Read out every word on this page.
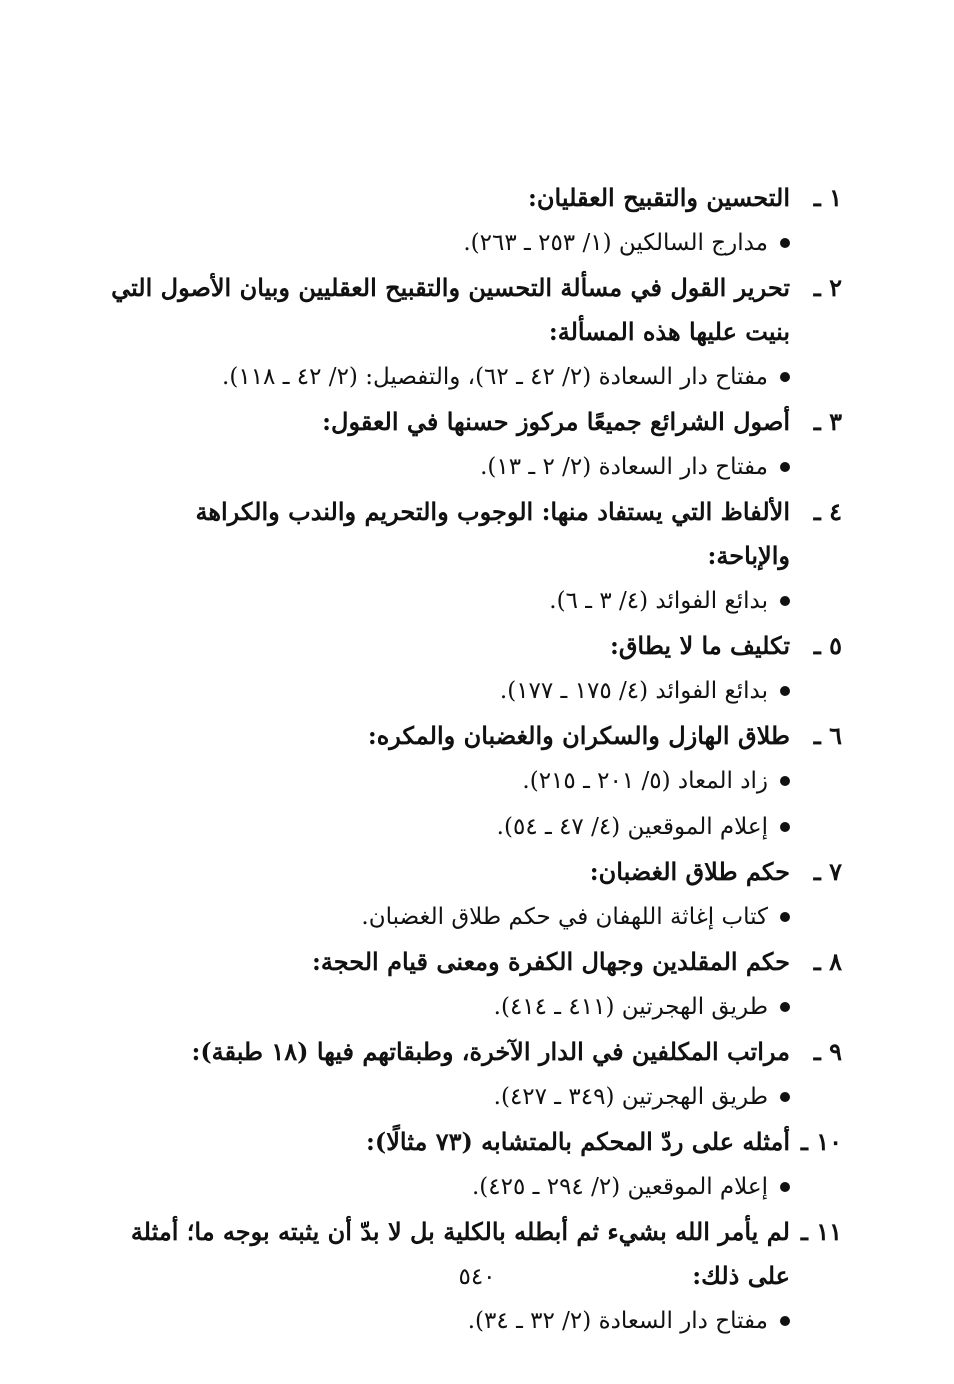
١ ـ
التحسين والتقبيح العقليان:
مدارج السالكين (١/ ٢٥٣ ـ ٢٦٣).
٢ ـ
تحرير القول في مسألة التحسين والتقبيح العقليين وبيان الأصول التي بنيت عليها هذه المسألة:
مفتاح دار السعادة (٢/ ٤٢ ـ ٦٢)، والتفصيل: (٢/ ٤٢ ـ ١١٨).
٣ ـ
أصول الشرائع جميعًا مركوز حسنها في العقول:
مفتاح دار السعادة (٢/ ٢ ـ ١٣).
٤ ـ
الألفاظ التي يستفاد منها: الوجوب والتحريم والندب والكراهة والإباحة:
بدائع الفوائد (٤/ ٣ ـ ٦).
٥ ـ
تكليف ما لا يطاق:
بدائع الفوائد (٤/ ١٧٥ ـ ١٧٧).
٦ ـ
طلاق الهازل والسكران والغضبان والمكره:
زاد المعاد (٥/ ٢٠١ ـ ٢١٥).
إعلام الموقعين (٤/ ٤٧ ـ ٥٤).
٧ ـ
حكم طلاق الغضبان:
كتاب إغاثة اللهفان في حكم طلاق الغضبان.
٨ ـ
حكم المقلدين وجهال الكفرة ومعنى قيام الحجة:
طريق الهجرتين (٤١١ ـ ٤١٤).
٩ ـ
مراتب المكلفين في الدار الآخرة، وطبقاتهم فيها (١٨ طبقة):
طريق الهجرتين (٣٤٩ ـ ٤٢٧).
١٠ ـ
أمثله على ردّ المحكم بالمتشابه (٧٣ مثالًا):
إعلام الموقعين (٢/ ٢٩٤ ـ ٤٢٥).
١١ ـ
لم يأمر الله بشيء ثم أبطله بالكلية بل لا بدّ أن يثبته بوجه ما؛ أمثلة على ذلك:
مفتاح دار السعادة (٢/ ٣٢ ـ ٣٤).
٥٤٠
